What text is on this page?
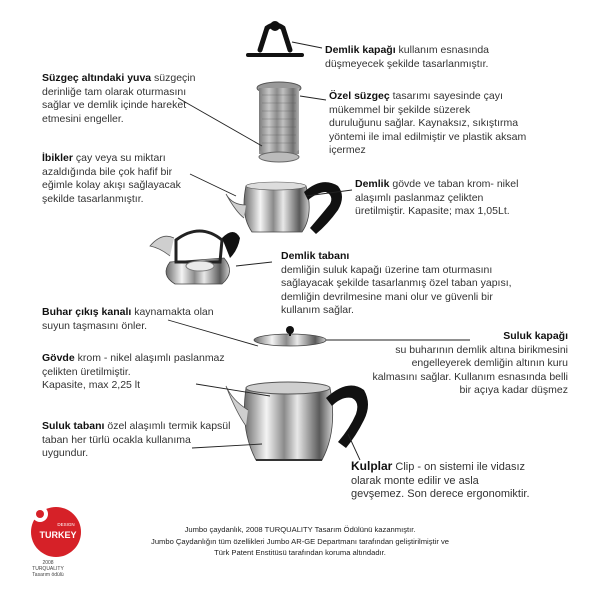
Demlik kapağı kullanım esnasında
düşmeyecek şekilde tasarlanmıştır.
Özel süzgeç tasarımı sayesinde çayı
mükemmel bir şekilde süzerek
duruluğunu sağlar. Kaynaksız, sıkıştırma
yöntemi ile imal edilmiştir ve plastik aksam
içermez
Süzgeç altındaki yuva süzgeçin
derinliğe tam olarak oturmasını
sağlar ve demlik içinde hareket
etmesini engeller.
İbikler çay veya su miktarı
azaldığında bile çok hafif bir
eğimle kolay akışı sağlayacak
şekilde tasarlanmıştır.
Demlik gövde ve taban krom- nikel
alaşımlı paslanmaz çelikten
üretilmiştir. Kapasite; max 1,05Lt.
Demlik tabanı
demliğin suluk kapağı üzerine tam oturmasını
sağlayacak şekilde tasarlanmış özel taban yapısı,
demliğin devrilmesine mani olur ve güvenli bir
kullanım sağlar.
Buhar çıkış kanalı kaynamakta olan
suyun taşmasını önler.
Suluk kapağı
su buharının demlik altına birikmesini
engelleyerek demliğin altının kuru
kalmasını sağlar. Kullanım esnasında belli
bir açıya kadar düşmez
Gövde krom - nikel alaşımlı paslanmaz
çelikten üretilmiştir.
Kapasite, max 2,25 lt
Suluk tabanı özel alaşımlı termik kapsül
taban her türlü ocakla kullanıma
uygundur.
Kulplar Clip - on sistemi ile vidasız
olarak monte edilir ve asla
gevşemez. Son derece ergonomiktir.
DESIGN
TURKEY
2008
TURQUALITY
Tasarım ödülü
Jumbo çaydanlık, 2008 TURQUALITY Tasarım Ödülünü kazanmıştır.
Jumbo Çaydanlığın tüm özellikleri Jumbo AR-GE Departmanı tarafından geliştirilmiştir ve
Türk Patent Enstitüsü tarafından koruma altındadır.
